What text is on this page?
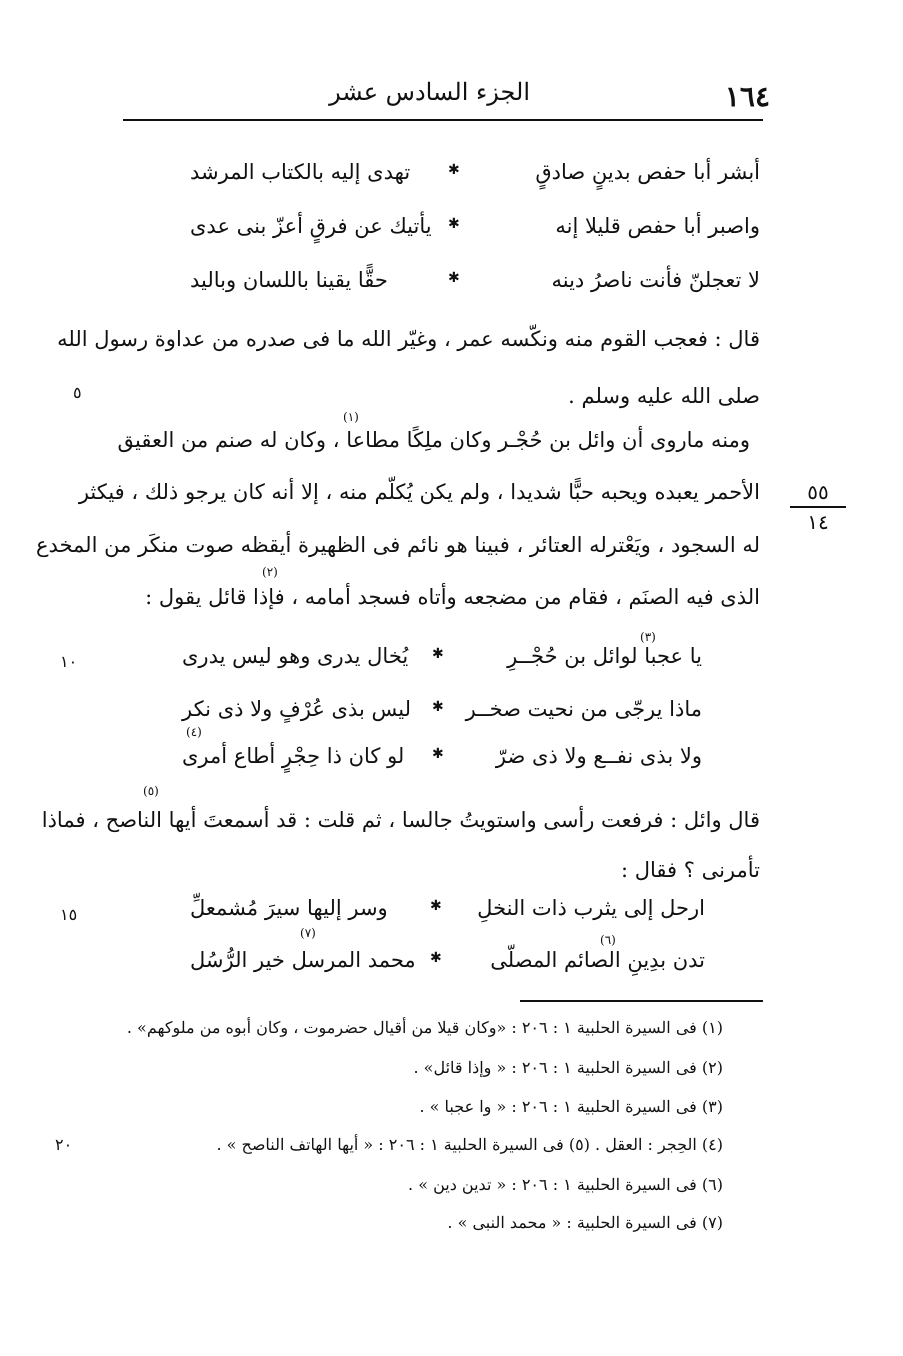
الجزء السادس عشر	١٦٤
أبشر أبا حفص بدينٍ صادقٍ
✱
تهدى إليه بالكتاب المرشد
واصبر أبا حفص قليلا إنه
✱
يأتيك عن فرقٍ أعزّ بنى عدى
لا تعجلنّ فأنت ناصرُ دينه
✱
حقًّا يقينا باللسان وباليد
قال : فعجب القوم منه ونكّسه عمر ، وغيّر الله ما فى صدره من عداوة رسول الله
صلى الله عليه وسلم .
٥
(١)
ومنه ماروى أن وائل بن حُجْـر وكان ملِكًا مطاعا ، وكان له صنم من العقيق
الأحمر يعبده ويحبه حبًّا شديدا ، ولم يكن يُكلّم منه ، إلا أنه كان يرجو ذلك ، فيكثر
له السجود ، ويَعْترله العتائر ، فبينا هو نائم فى الظهيرة أيقظه صوت منكَر من المخدع
(٢)
الذى فيه الصنَم ، فقام من مضجعه وأتاه فسجد أمامه ، فإذا قائل يقول :
٥٥
١٤
(٣)
يا عجبا لوائل بن حُجْــرِ
✱
يُخال يدرى وهو ليس يدرى
١٠
ماذا يرجّى من نحيت صخــر
✱
ليس بذى عُرْفٍ ولا ذى نكر
(٤)
ولا بذى نفــع ولا ذى ضرّ
✱
لو كان ذا حِجْرٍ أطاع أمرى
(٥)
قال وائل : فرفعت رأسى واستويتُ جالسا ، ثم قلت : قد أسمعتَ أيها الناصح ، فماذا
تأمرنى ؟ فقال :
ارحل إلى يثرب ذات النخلِ
✱
وسر إليها سيرَ مُشمعلِّ
١٥
(٦)
(٧)
تدن بدِينِ الصائم المصلّى
✱
محمد المرسل خير الرُّسُل
(١) فى السيرة الحلبية ١ : ٢٠٦ : «وكان قيلا من أقيال حضرموت ، وكان أبوه من ملوكهم» .
(٢) فى السيرة الحلبية ١ : ٢٠٦ : « وإذا قائل» .
(٣) فى السيرة الحلبية ١ : ٢٠٦ : « وا عجبا » .
(٤) الحِجر : العقل . (٥) فى السيرة الحلبية ١ : ٢٠٦ : « أيها الهاتف الناصح » .
٢٠
(٦) فى السيرة الحلبية ١ : ٢٠٦ : « تدين دين » .
(٧) فى السيرة الحلبية : « محمد النبى » .
